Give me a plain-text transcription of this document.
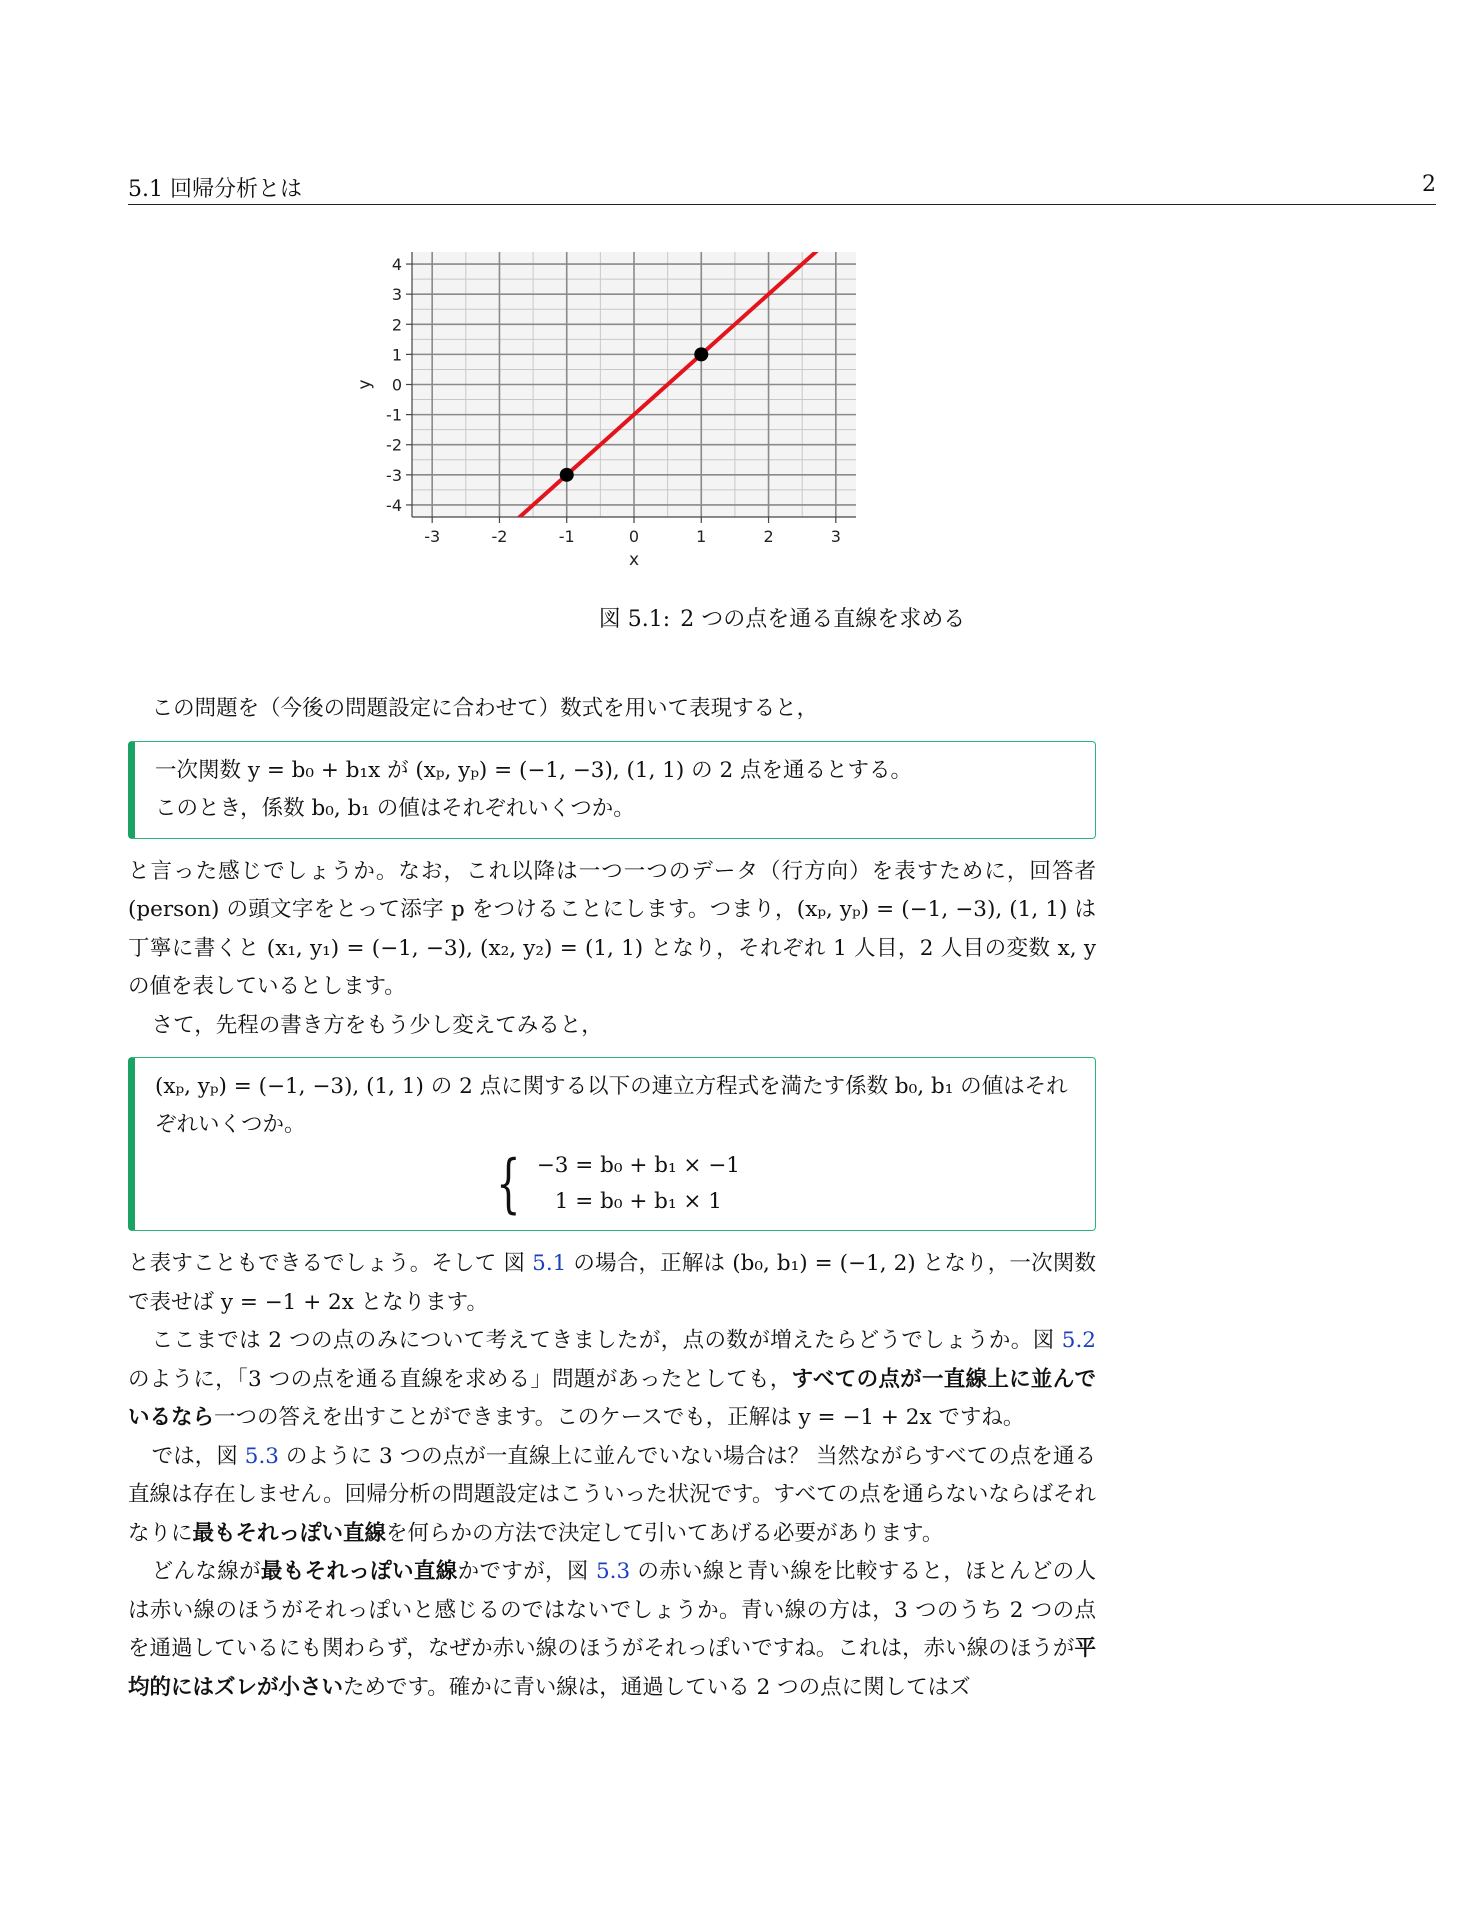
5.1 回帰分析とは	2
-3	-2	-1	0	1	2	3
-4
-3
-2
-1
0
1
2
3
4
x
y
図 5.1: 2 つの点を通る直線を求める

この問題を（今後の問題設定に合わせて）数式を用いて表現すると，

一次関数 y = b₀ + b₁x が (xₚ, yₚ) = (−1, −3), (1, 1) の 2 点を通るとする。

このとき，係数 b₀, b₁ の値はそれぞれいくつか。

と言った感じでしょうか。なお，これ以降は一つ一つのデータ（行方向）を表すために，回答者 (person) の頭文字をとって添字 p をつけることにします。つまり，(xₚ, yₚ) = (−1, −3), (1, 1) は丁寧に書くと (x₁, y₁) = (−1, −3), (x₂, y₂) = (1, 1) となり，それぞれ 1 人目，2 人目の変数 x, y の値を表しているとします。

さて，先程の書き方をもう少し変えてみると，

(xₚ, yₚ) = (−1, −3), (1, 1) の 2 点に関する以下の連立方程式を満たす係数 b₀, b₁ の値はそれぞれいくつか。

{ −3 = b₀ + b₁ × −1
1 = b₀ + b₁ × 1

と表すこともできるでしょう。そして 図 5.1 の場合，正解は (b₀, b₁) = (−1, 2) となり，一次関数で表せば y = −1 + 2x となります。

ここまでは 2 つの点のみについて考えてきましたが，点の数が増えたらどうでしょうか。図 5.2 のように，「3 つの点を通る直線を求める」問題があったとしても，すべての点が一直線上に並んでいるなら一つの答えを出すことができます。このケースでも，正解は y = −1 + 2x ですね。

では，図 5.3 のように 3 つの点が一直線上に並んでいない場合は？ 当然ながらすべての点を通る直線は存在しません。回帰分析の問題設定はこういった状況です。すべての点を通らないならばそれなりに最もそれっぽい直線を何らかの方法で決定して引いてあげる必要があります。

どんな線が最もそれっぽい直線かですが，図 5.3 の赤い線と青い線を比較すると，ほとんどの人は赤い線のほうがそれっぽいと感じるのではないでしょうか。青い線の方は，3 つのうち 2 つの点を通過しているにも関わらず，なぜか赤い線のほうがそれっぽいですね。これは，赤い線のほうが平均的にはズレが小さいためです。確かに青い線は，通過している 2 つの点に関してはズ
